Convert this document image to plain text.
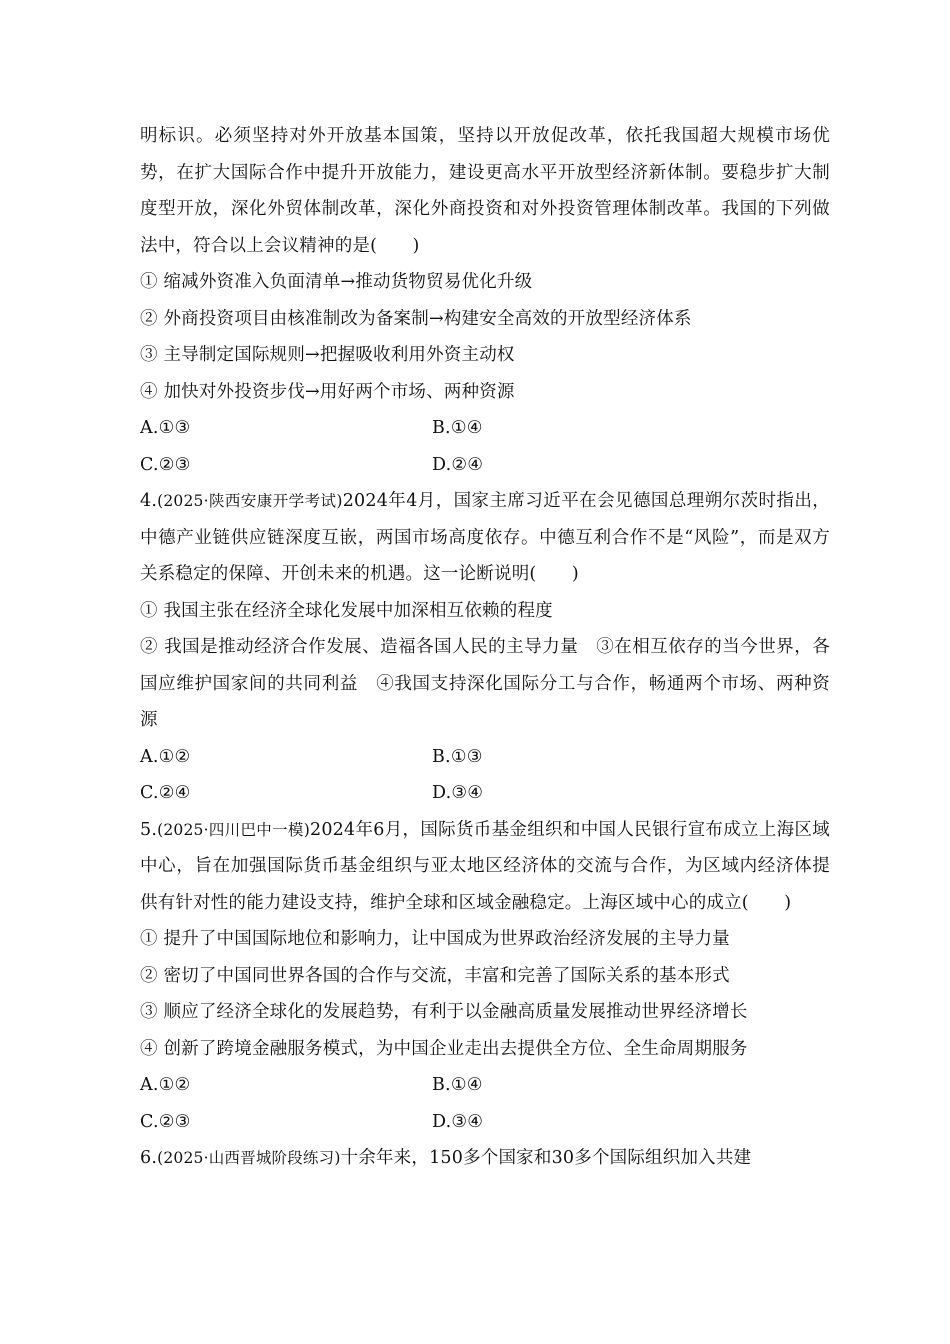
明标识。必须坚持对外开放基本国策，坚持以开放促改革，依托我国超大规模市场优势，在扩大国际合作中提升开放能力，建设更高水平开放型经济新体制。要稳步扩大制度型开放，深化外贸体制改革，深化外商投资和对外投资管理体制改革。我国的下列做法中，符合以上会议精神的是(　　)

① 缩减外资准入负面清单→推动货物贸易优化升级

② 外商投资项目由核准制改为备案制→构建安全高效的开放型经济体系

③ 主导制定国际规则→把握吸收利用外资主动权

④ 加快对外投资步伐→用好两个市场、两种资源

A.①③	B.①④
C.②③	D.②④

4.(2025·陕西安康开学考试)2024年4月，国家主席习近平在会见德国总理朔尔茨时指出，中德产业链供应链深度互嵌，两国市场高度依存。中德互利合作不是“风险”，而是双方关系稳定的保障、开创未来的机遇。这一论断说明(　　)

① 我国主张在经济全球化发展中加深相互依赖的程度

② 我国是推动经济合作发展、造福各国人民的主导力量　③在相互依存的当今世界，各国应维护国家间的共同利益　④我国支持深化国际分工与合作，畅通两个市场、两种资源

A.①②	B.①③
C.②④	D.③④

5.(2025·四川巴中一模)2024年6月，国际货币基金组织和中国人民银行宣布成立上海区域中心，旨在加强国际货币基金组织与亚太地区经济体的交流与合作，为区域内经济体提供有针对性的能力建设支持，维护全球和区域金融稳定。上海区域中心的成立(　　)

① 提升了中国国际地位和影响力，让中国成为世界政治经济发展的主导力量

② 密切了中国同世界各国的合作与交流，丰富和完善了国际关系的基本形式

③ 顺应了经济全球化的发展趋势，有利于以金融高质量发展推动世界经济增长

④ 创新了跨境金融服务模式，为中国企业走出去提供全方位、全生命周期服务

A.①②	B.①④
C.②③	D.③④

6.(2025·山西晋城阶段练习)十余年来，150多个国家和30多个国际组织加入共建
